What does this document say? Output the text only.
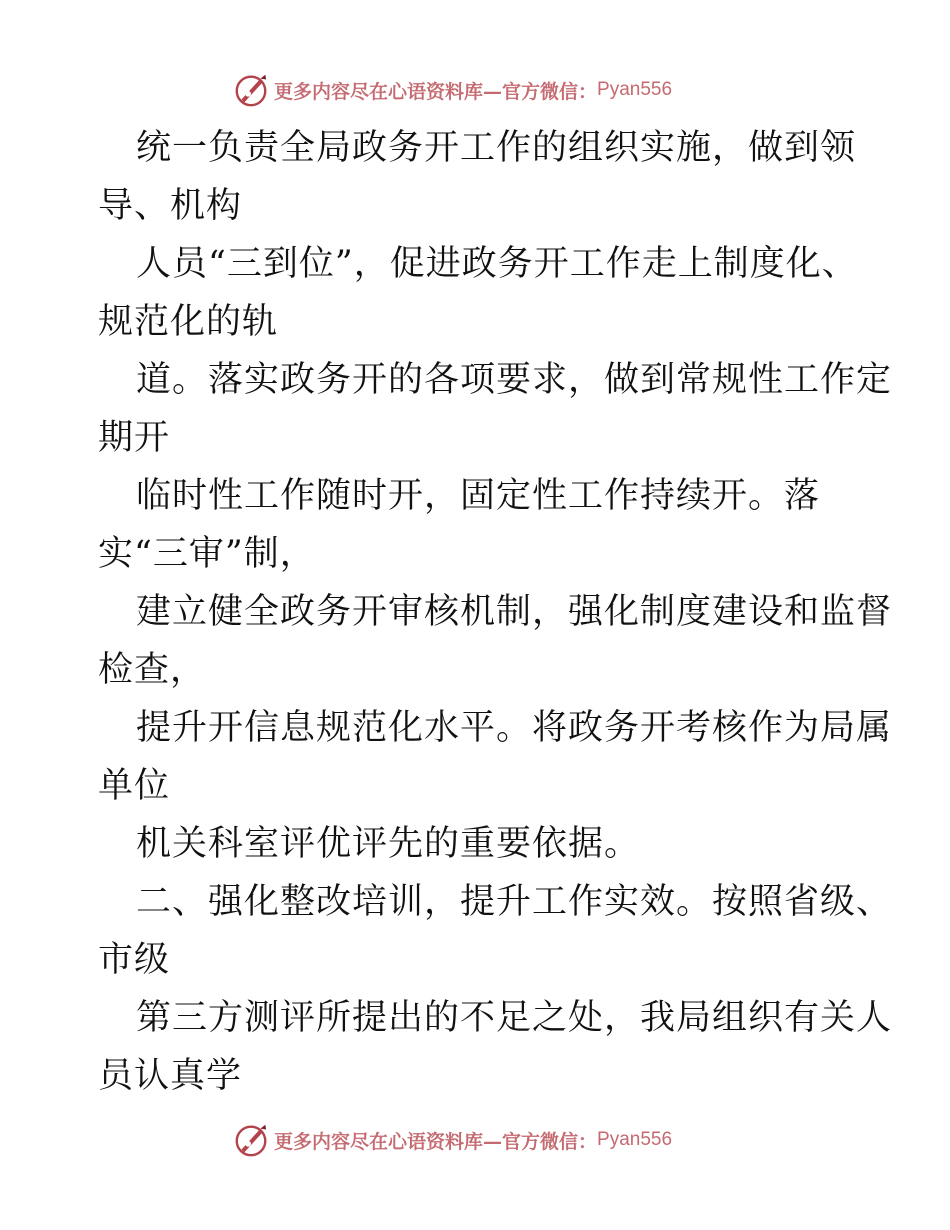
更多内容尽在心语资料库—官方微信： Pyan556
统一负责全局政务开工作的组织实施，做到领
导、机构
人员“三到位”，促进政务开工作走上制度化、
规范化的轨
道。落实政务开的各项要求，做到常规性工作定
期开
临时性工作随时开，固定性工作持续开。落
实“三审”制，
建立健全政务开审核机制，强化制度建设和监督
检查，
提升开信息规范化水平。将政务开考核作为局属
单位
机关科室评优评先的重要依据。
二、强化整改培训，提升工作实效。按照省级、
市级
第三方测评所提出的不足之处，我局组织有关人
员认真学
更多内容尽在心语资料库—官方微信： Pyan556
